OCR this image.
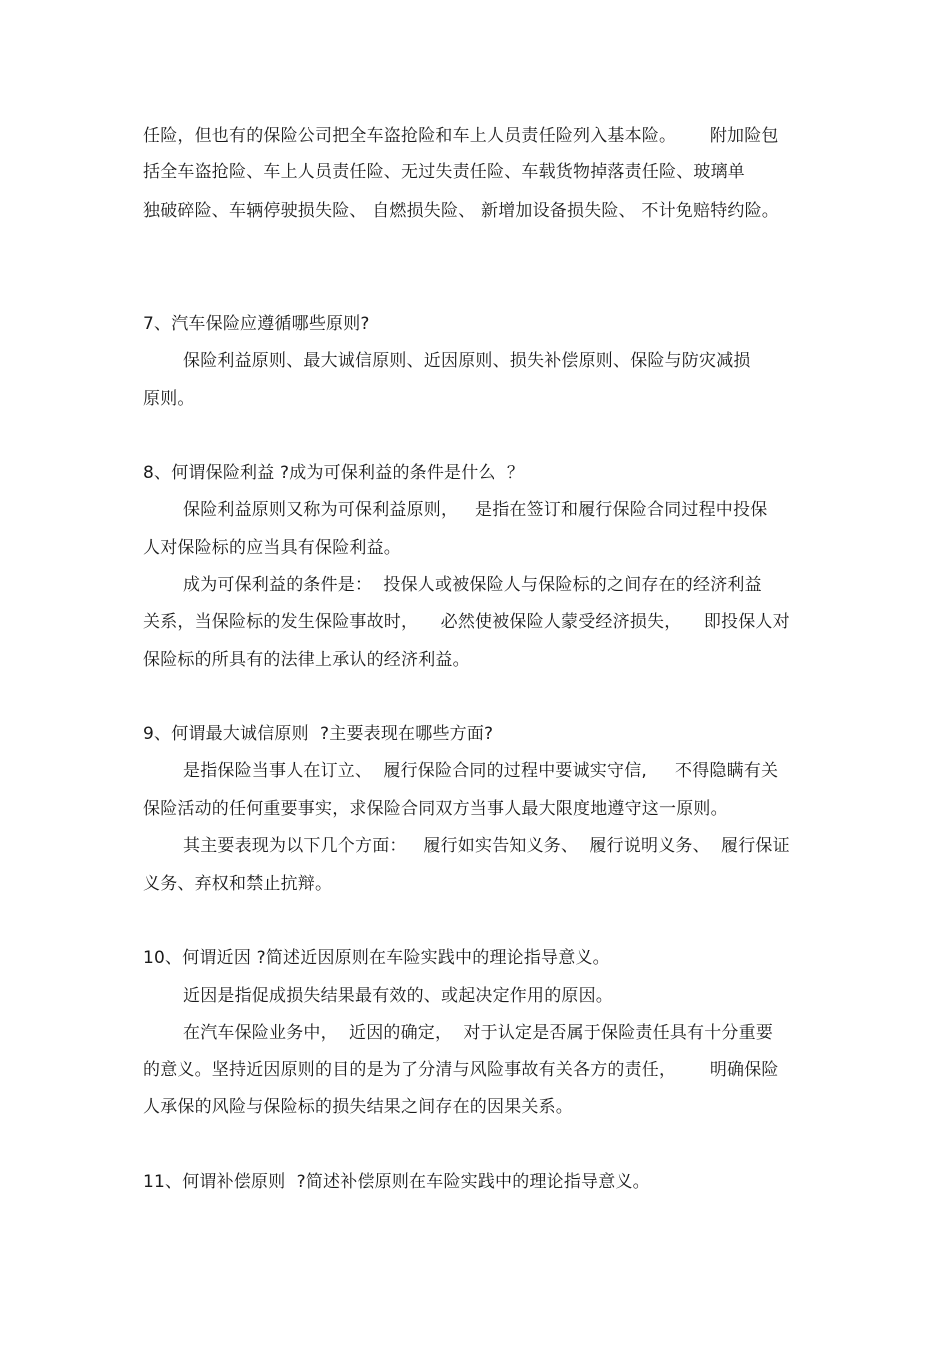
任险，但也有的保险公司把全车盗抢险和车上人员责任险列入基本险。      附加险包
括全车盗抢险、车上人员责任险、无过失责任险、车载货物掉落责任险、玻璃单
独破碎险、车辆停驶损失险、 自燃损失险、 新增加设备损失险、 不计免赔特约险。
7、汽车保险应遵循哪些原则?
保险利益原则、最大诚信原则、近因原则、损失补偿原则、保险与防灾减损
原则。
8、何谓保险利益 ?成为可保利益的条件是什么  ？
保险利益原则又称为可保利益原则，   是指在签订和履行保险合同过程中投保
人对保险标的应当具有保险利益。
成为可保利益的条件是：  投保人或被保险人与保险标的之间存在的经济利益
关系，当保险标的发生保险事故时，    必然使被保险人蒙受经济损失，    即投保人对
保险标的所具有的法律上承认的经济利益。
9、何谓最大诚信原则  ?主要表现在哪些方面?
是指保险当事人在订立、  履行保险合同的过程中要诚实守信,     不得隐瞒有关
保险活动的任何重要事实，求保险合同双方当事人最大限度地遵守这一原则。
其主要表现为以下几个方面：   履行如实告知义务、  履行说明义务、  履行保证
义务、弃权和禁止抗辩。
10、何谓近因 ?简述近因原则在车险实践中的理论指导意义。
近因是指促成损失结果最有效的、或起决定作用的原因。
在汽车保险业务中，  近因的确定，  对于认定是否属于保险责任具有十分重要
的意义。坚持近因原则的目的是为了分清与风险事故有关各方的责任，      明确保险
人承保的风险与保险标的损失结果之间存在的因果关系。
11、何谓补偿原则  ?简述补偿原则在车险实践中的理论指导意义。
